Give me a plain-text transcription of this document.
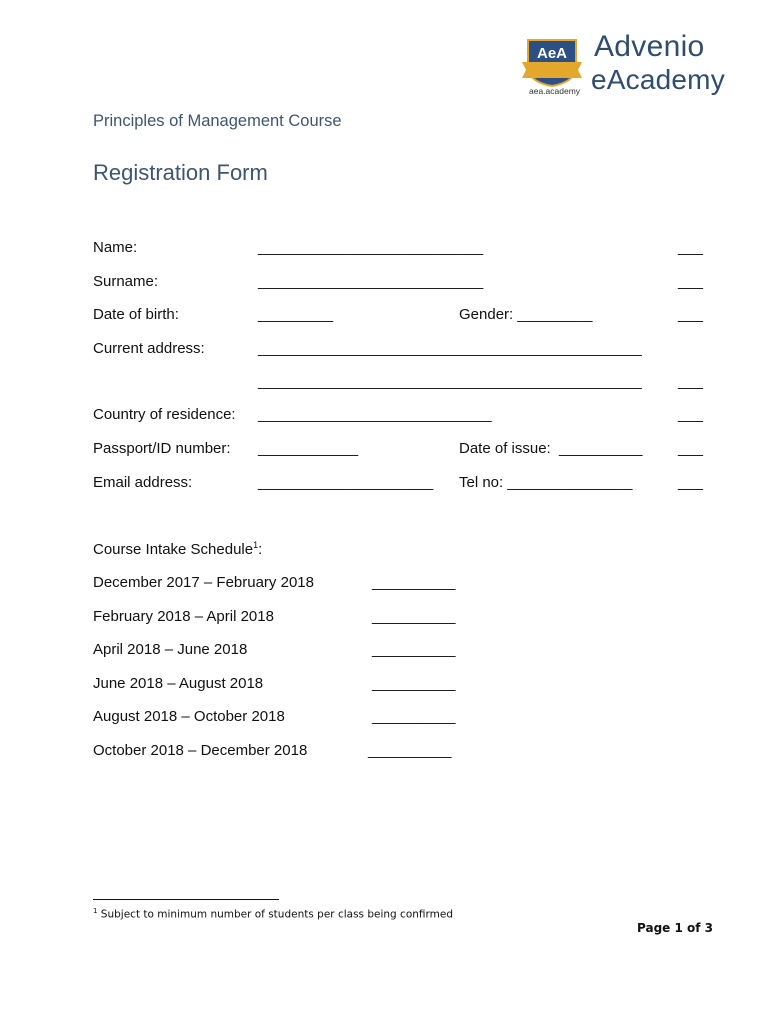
AeA
aea.academy
Advenio
eAcademy
Principles of Management Course
Registration Form
Name:	___________________________	___
Surname:	___________________________	___
Date of birth:	_________	Gender: _________	___
Current address:	______________________________________________
______________________________________________ ___
Country of residence: ____________________________	___
Passport/ID number: ____________	Date of issue:  __________ ___
Email address:	_____________________ Tel no: _______________	___
Course Intake Schedule$^1$:
December 2017 – February 2018	__________
February 2018 – April 2018	__________
April 2018 – June 2018	__________
June 2018 – August 2018	__________
August 2018 – October 2018	__________
October 2018 – December 2018	__________
$^1$ Subject to minimum number of students per class being confirmed
Page 1 of 3
